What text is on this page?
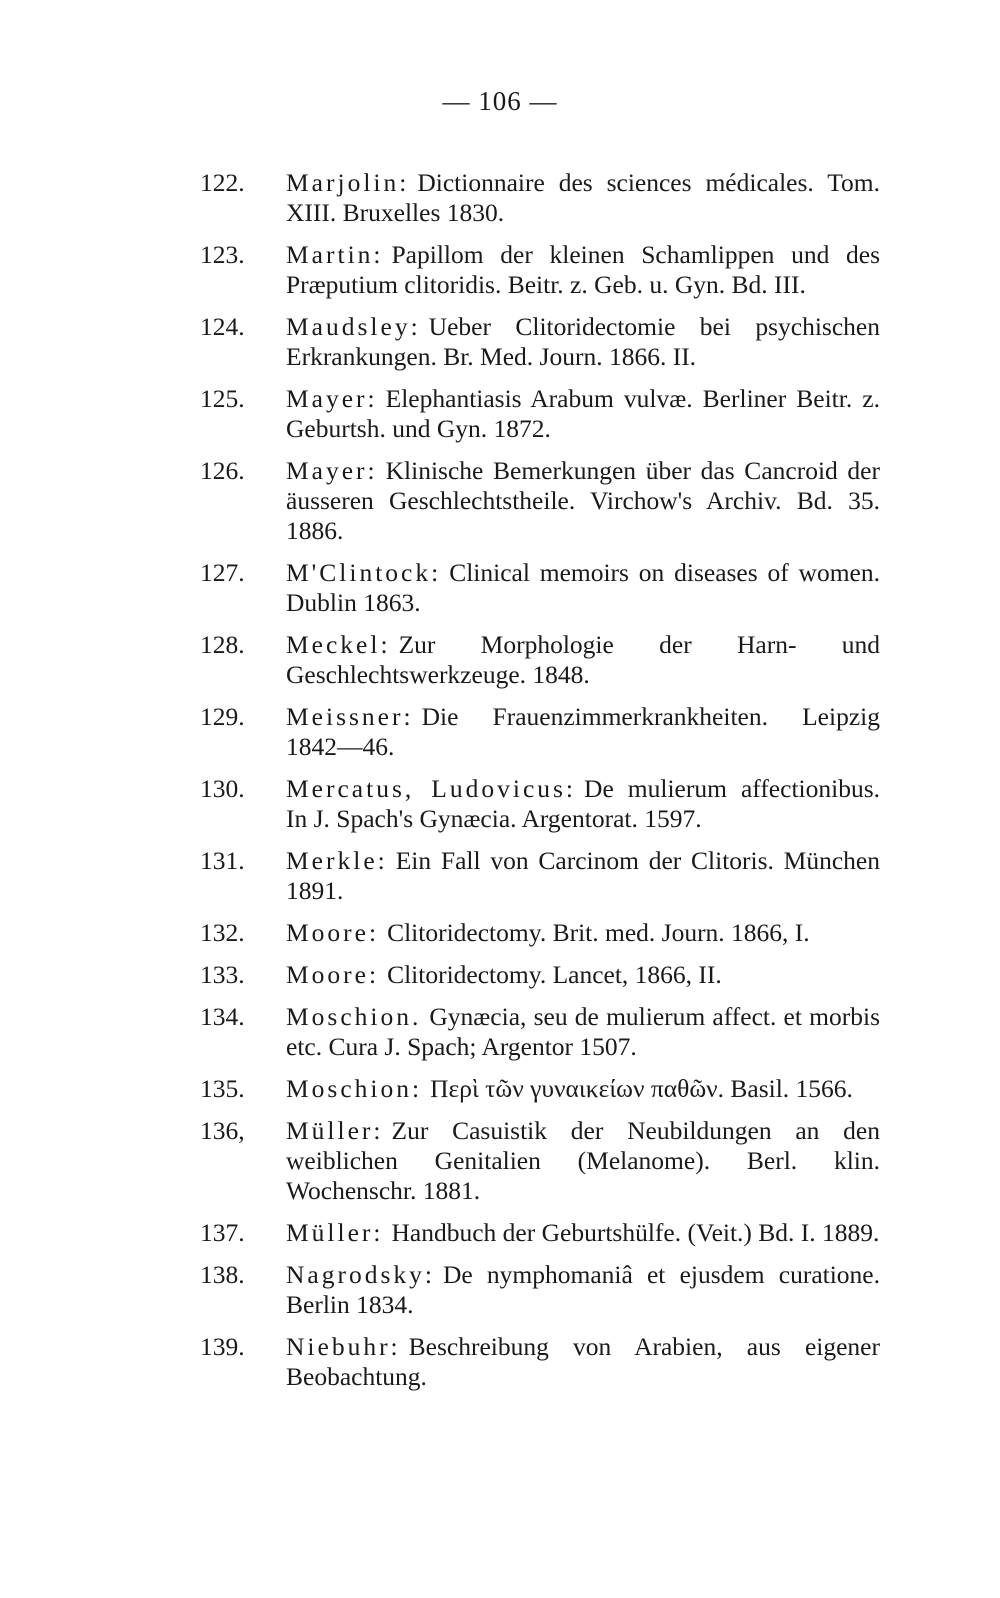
— 106 —
122.	Marjolin: Dictionnaire des sciences médicales. Tom. XIII. Bruxelles 1830.
123.	Martin: Papillom der kleinen Schamlippen und des Præputium clitoridis. Beitr. z. Geb. u. Gyn. Bd. III.
124.	Maudsley: Ueber Clitoridectomie bei psychischen Erkrankungen. Br. Med. Journ. 1866. II.
125.	Mayer: Elephantiasis Arabum vulvæ. Berliner Beitr. z. Geburtsh. und Gyn. 1872.
126.	Mayer: Klinische Bemerkungen über das Cancroid der äusseren Geschlechtstheile. Virchow's Archiv. Bd. 35. 1886.
127.	M'Clintock: Clinical memoirs on diseases of women. Dublin 1863.
128.	Meckel: Zur Morphologie der Harn- und Geschlechtswerkzeuge. 1848.
129.	Meissner: Die Frauenzimmerkrankheiten. Leipzig 1842—46.
130.	Mercatus, Ludovicus: De mulierum affectionibus. In J. Spach's Gynæcia. Argentorat. 1597.
131.	Merkle: Ein Fall von Carcinom der Clitoris. München 1891.
132.	Moore: Clitoridectomy. Brit. med. Journ. 1866, I.
133.	Moore: Clitoridectomy. Lancet, 1866, II.
134.	Moschion. Gynæcia, seu de mulierum affect. et morbis etc. Cura J. Spach; Argentor 1507.
135.	Moschion: Περὶ τῶν γυναικείων παθῶν. Basil. 1566.
136,	Müller: Zur Casuistik der Neubildungen an den weiblichen Genitalien (Melanome). Berl. klin. Wochenschr. 1881.
137.	Müller: Handbuch der Geburtshülfe. (Veit.) Bd. I. 1889.
138.	Nagrodsky: De nymphomaniâ et ejusdem curatione. Berlin 1834.
139.	Niebuhr: Beschreibung von Arabien, aus eigener Beobachtung.
